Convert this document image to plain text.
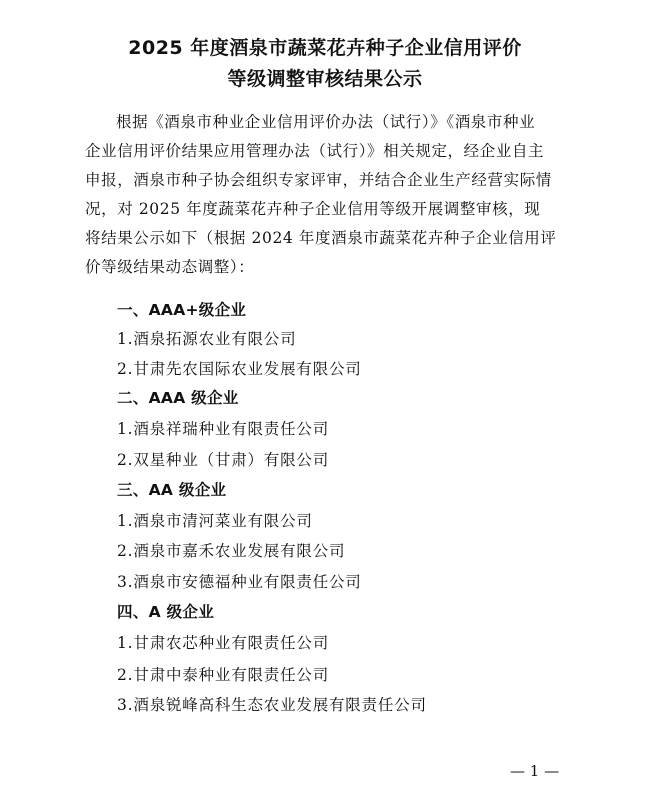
2025 年度酒泉市蔬菜花卉种子企业信用评价
等级调整审核结果公示
根据《酒泉市种业企业信用评价办法（试行）》《酒泉市种业
企业信用评价结果应用管理办法（试行）》相关规定，经企业自主
申报，酒泉市种子协会组织专家评审，并结合企业生产经营实际情
况，对 2025 年度蔬菜花卉种子企业信用等级开展调整审核，现
将结果公示如下（根据 2024 年度酒泉市蔬菜花卉种子企业信用评
价等级结果动态调整）：
一、AAA+级企业
1.酒泉拓源农业有限公司
2.甘肃先农国际农业发展有限公司
二、AAA 级企业
1.酒泉祥瑞种业有限责任公司
2.双星种业（甘肃）有限公司
三、AA 级企业
1.酒泉市清河菜业有限公司
2.酒泉市嘉禾农业发展有限公司
3.酒泉市安德福种业有限责任公司
四、A 级企业
1.甘肃农芯种业有限责任公司
2.甘肃中泰种业有限责任公司
3.酒泉锐峰高科生态农业发展有限责任公司
— 1 —
